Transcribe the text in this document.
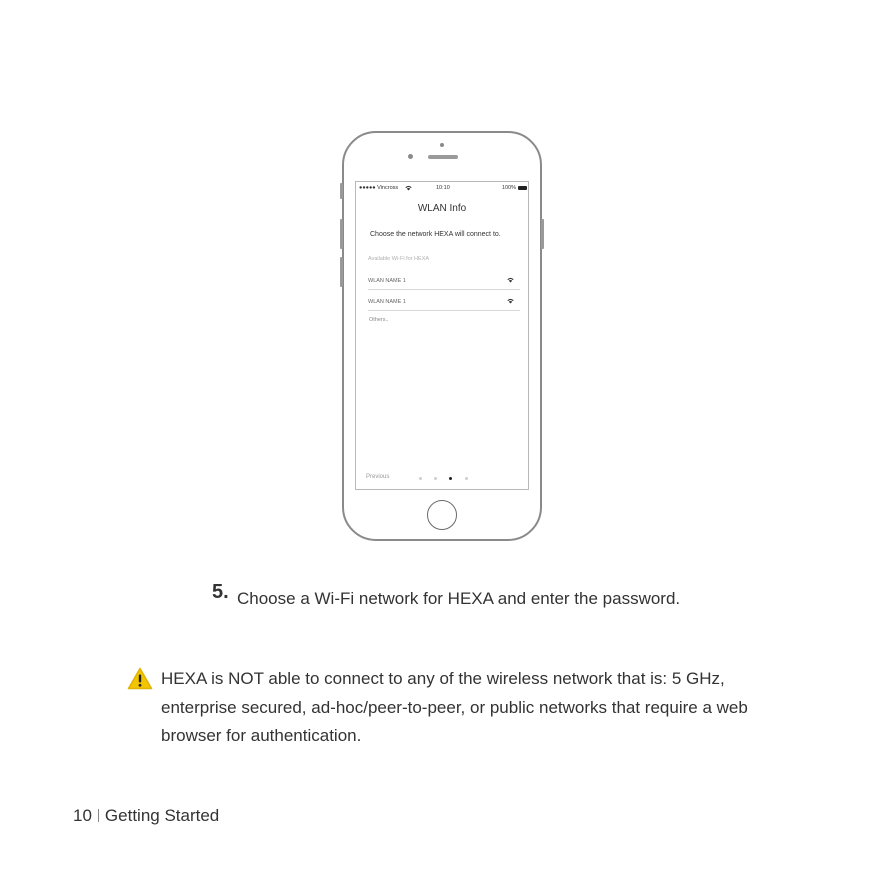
●●●●● Vincross	10:10	100%
WLAN Info
Choose the network HEXA will connect to.
Available Wi-Fi for HEXA
WLAN NAME 1
WLAN NAME 1
Others..
Previous
5. Choose a Wi-Fi network for HEXA and enter the password.
HEXA is NOT able to connect to any of the wireless network that is: 5 GHz, enterprise secured, ad-hoc/peer-to-peer, or public networks that require a web browser for authentication.
10 Getting Started
